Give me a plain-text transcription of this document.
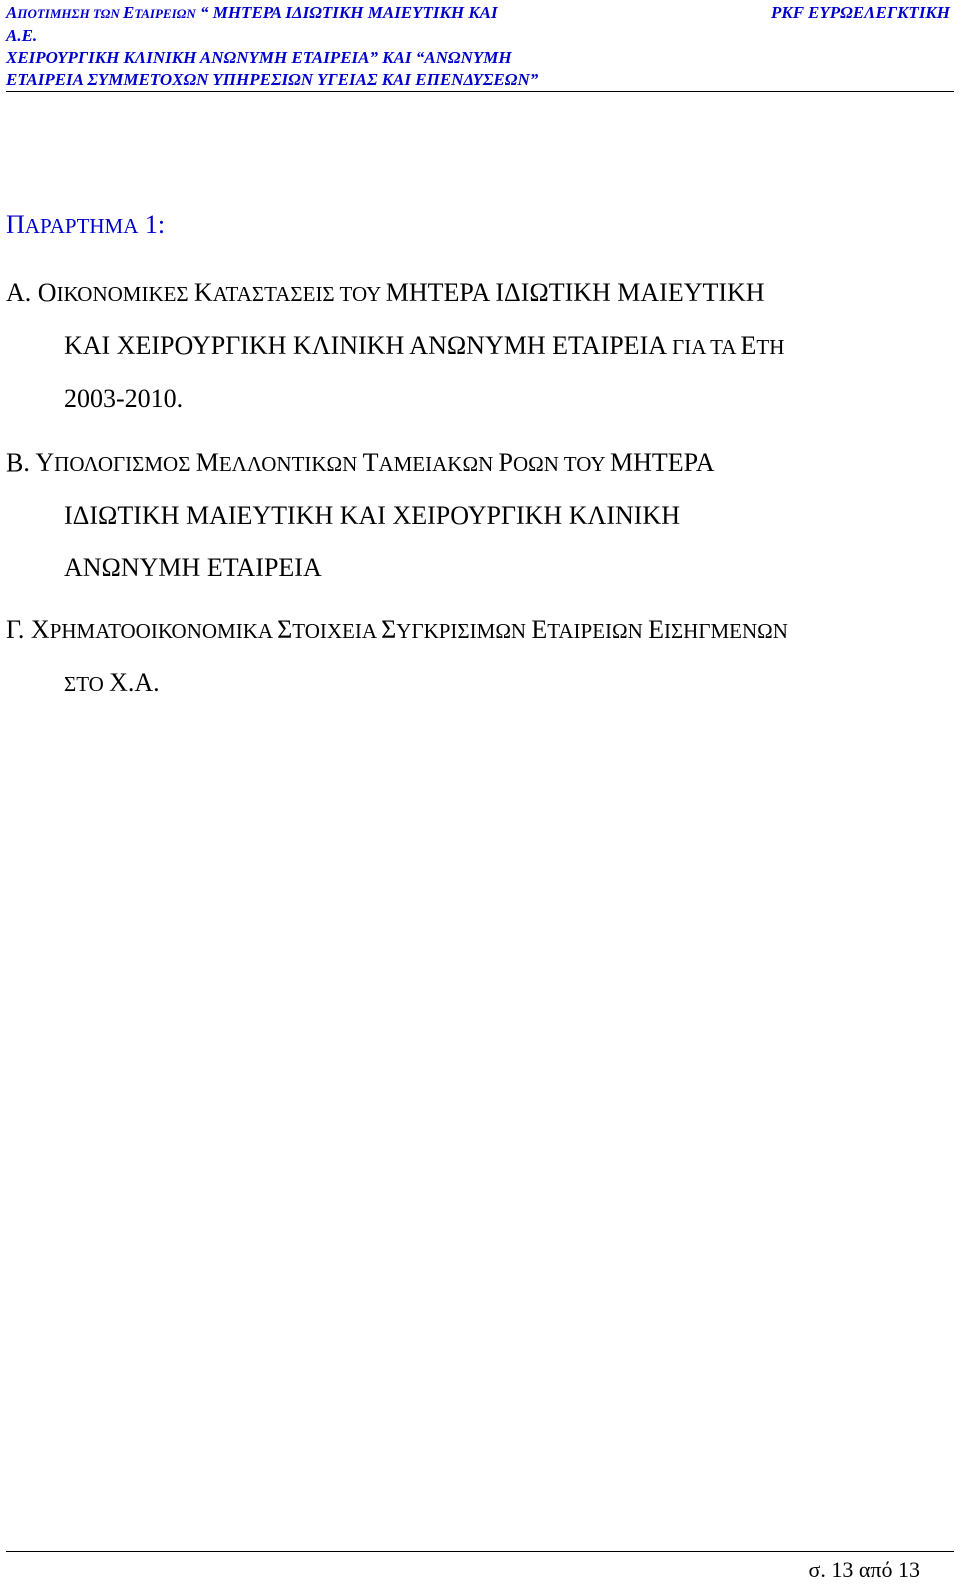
ΑΠΟΤΙΜΗΣΗ ΤΩΝ ΕΤΑΙΡΕΙΩΝ “ ΜΗΤΕΡΑ ΙΔΙΩΤΙΚΗ ΜΑΙΕΥΤΙΚΗ ΚΑΙ
Α.Ε.
ΧΕΙΡΟΥΡΓΙΚΗ ΚΛΙΝΙΚΗ ΑΝΩΝΥΜΗ ΕΤΑΙΡΕΙΑ” ΚΑΙ “ΑΝΩΝΥΜΗ
ΕΤΑΙΡΕΙΑ ΣΥΜΜΕΤΟΧΩΝ ΥΠΗΡΕΣΙΩΝ ΥΓΕΙΑΣ ΚΑΙ ΕΠΕΝΔΥΣΕΩΝ”
PKF ΕΥΡΩΕΛΕΓΚΤΙΚΗ
ΠΑΡΑΡΤΗΜΑ 1:
Α. ΟΙΚΟΝΟΜΙΚΕΣ ΚΑΤΑΣΤΑΣΕΙΣ ΤΟΥ ΜΗΤΕΡΑ ΙΔΙΩΤΙΚΗ ΜΑΙΕΥΤΙΚΗ
ΚΑΙ ΧΕΙΡΟΥΡΓΙΚΗ ΚΛΙΝΙΚΗ ΑΝΩΝΥΜΗ ΕΤΑΙΡΕΙΑ ΓΙΑ ΤΑ ΕΤΗ
2003-2010.
Β. ΥΠΟΛΟΓΙΣΜΟΣ ΜΕΛΛΟΝΤΙΚΩΝ ΤΑΜΕΙΑΚΩΝ ΡΟΩΝ ΤΟΥ ΜΗΤΕΡΑ
ΙΔΙΩΤΙΚΗ ΜΑΙΕΥΤΙΚΗ ΚΑΙ ΧΕΙΡΟΥΡΓΙΚΗ ΚΛΙΝΙΚΗ
ΑΝΩΝΥΜΗ ΕΤΑΙΡΕΙΑ
Γ. ΧΡΗΜΑΤΟΟΙΚΟΝΟΜΙΚΑ ΣΤΟΙΧΕΙΑ ΣΥΓΚΡΙΣΙΜΩΝ ΕΤΑΙΡΕΙΩΝ ΕΙΣΗΓΜΕΝΩΝ
ΣΤΟ Χ.Α.
σ. 13 από 13
